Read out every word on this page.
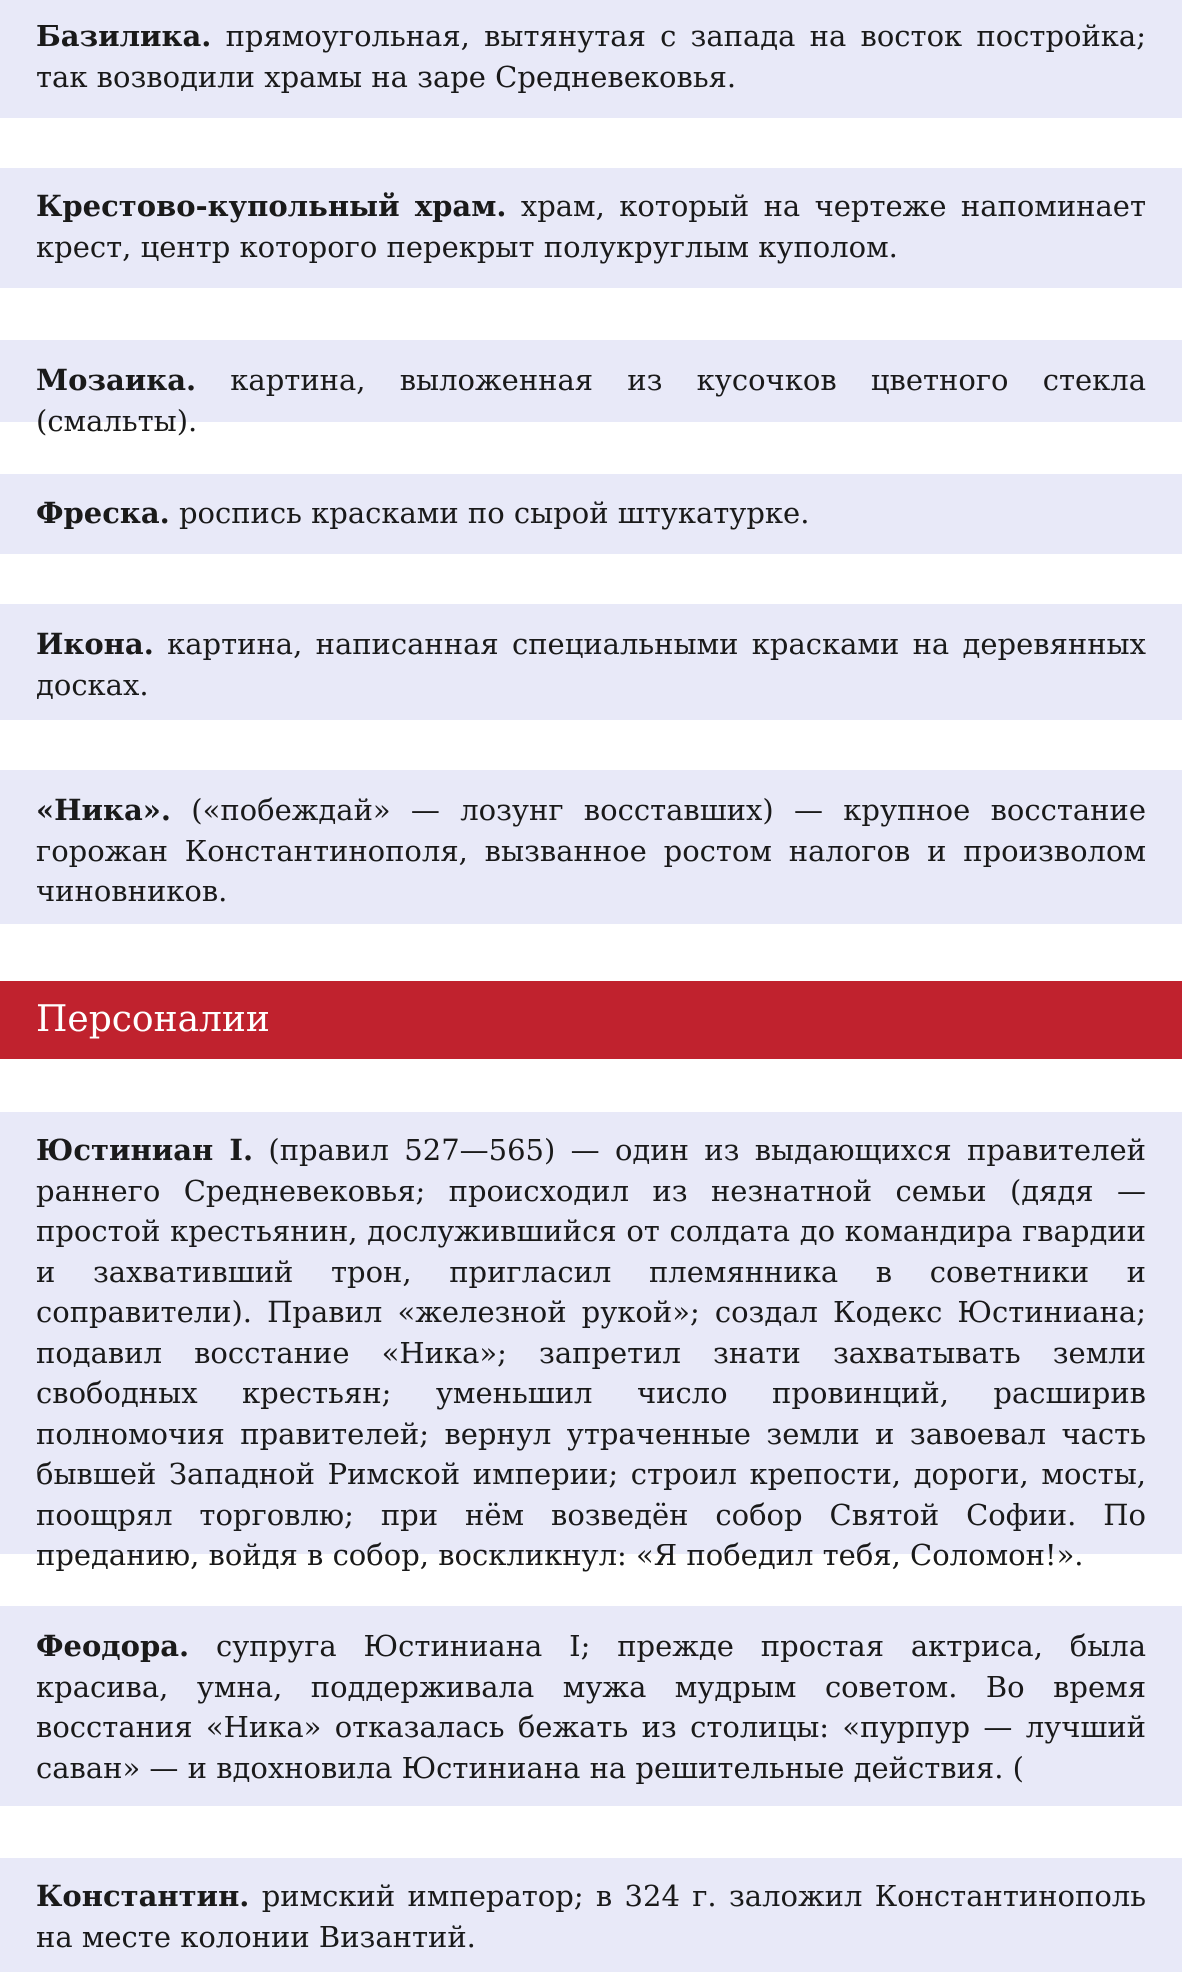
Базилика. прямоугольная, вытянутая с запада на восток постройка; так возводили храмы на заре Средневековья.
Крестово-купольный храм. храм, который на чертеже напоминает крест, центр которого перекрыт полукруглым куполом.
Мозаика. картина, выложенная из кусочков цветного стекла (смальты).
Фреска. роспись красками по сырой штукатурке.
Икона. картина, написанная специальными красками на деревянных досках.
«Ника». («побеждай» — лозунг восставших) — крупное восстание горожан Константинополя, вызванное ростом налогов и произволом чиновников.
Персоналии
Юстиниан I. (правил 527—565) — один из выдающихся правителей раннего Средневековья; происходил из незнатной семьи (дядя — простой крестьянин, дослужившийся от солдата до командира гвардии и захвативший трон, пригласил племянника в советники и соправители). Правил «железной рукой»; создал Кодекс Юстиниана; подавил восстание «Ника»; запретил знати захватывать земли свободных крестьян; уменьшил число провинций, расширив полномочия правителей; вернул утраченные земли и завоевал часть бывшей Западной Римской империи; строил крепости, дороги, мосты, поощрял торговлю; при нём возведён собор Святой Софии. По преданию, войдя в собор, воскликнул: «Я победил тебя, Соломон!».
Феодора. супруга Юстиниана I; прежде простая актриса, была красива, умна, поддерживала мужа мудрым советом. Во время восстания «Ника» отказалась бежать из столицы: «пурпур — лучший саван» — и вдохновила Юстиниана на решительные действия. (
Константин. римский император; в 324 г. заложил Константинополь на месте колонии Византий.
